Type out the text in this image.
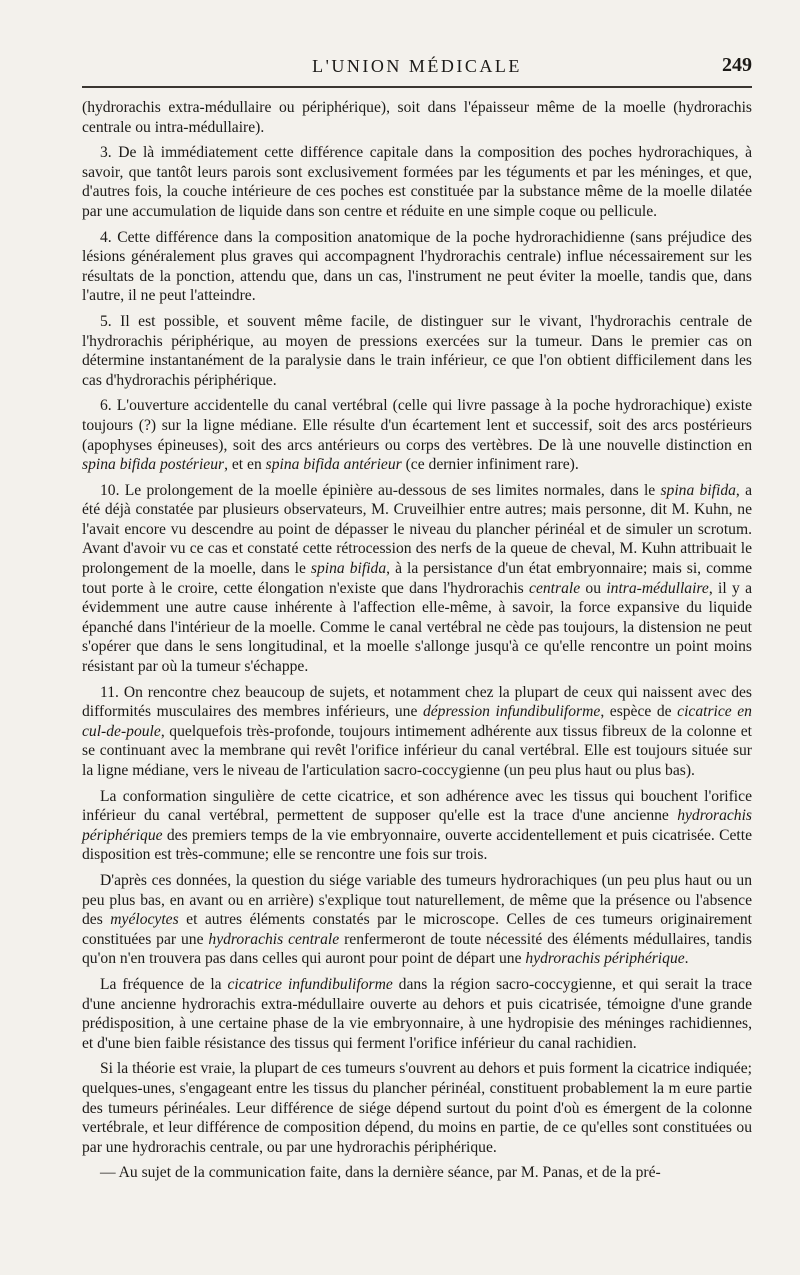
L'UNION MÉDICALE	249

(hydrorachis extra-médullaire ou périphérique), soit dans l'épaisseur même de la moelle (hydrorachis centrale ou intra-médullaire).

3. De là immédiatement cette différence capitale dans la composition des poches hydrorachiques, à savoir, que tantôt leurs parois sont exclusivement formées par les téguments et par les méninges, et que, d'autres fois, la couche intérieure de ces poches est constituée par la substance même de la moelle dilatée par une accumulation de liquide dans son centre et réduite en une simple coque ou pellicule.

4. Cette différence dans la composition anatomique de la poche hydrorachidienne (sans préjudice des lésions généralement plus graves qui accompagnent l'hydrorachis centrale) influe nécessairement sur les résultats de la ponction, attendu que, dans un cas, l'instrument ne peut éviter la moelle, tandis que, dans l'autre, il ne peut l'atteindre.

5. Il est possible, et souvent même facile, de distinguer sur le vivant, l'hydrorachis centrale de l'hydrorachis périphérique, au moyen de pressions exercées sur la tumeur. Dans le premier cas on détermine instantanément de la paralysie dans le train inférieur, ce que l'on obtient difficilement dans les cas d'hydrorachis périphérique.

6. L'ouverture accidentelle du canal vertébral (celle qui livre passage à la poche hydrorachique) existe toujours (?) sur la ligne médiane. Elle résulte d'un écartement lent et successif, soit des arcs postérieurs (apophyses épineuses), soit des arcs antérieurs ou corps des vertèbres. De là une nouvelle distinction en spina bifida postérieur, et en spina bifida antérieur (ce dernier infiniment rare).

10. Le prolongement de la moelle épinière au-dessous de ses limites normales, dans le spina bifida, a été déjà constatée par plusieurs observateurs, M. Cruveilhier entre autres; mais personne, dit M. Kuhn, ne l'avait encore vu descendre au point de dépasser le niveau du plancher périnéal et de simuler un scrotum. Avant d'avoir vu ce cas et constaté cette rétrocession des nerfs de la queue de cheval, M. Kuhn attribuait le prolongement de la moelle, dans le spina bifida, à la persistance d'un état embryonnaire; mais si, comme tout porte à le croire, cette élongation n'existe que dans l'hydrorachis centrale ou intra-médullaire, il y a évidemment une autre cause inhérente à l'affection elle-même, à savoir, la force expansive du liquide épanché dans l'intérieur de la moelle. Comme le canal vertébral ne cède pas toujours, la distension ne peut s'opérer que dans le sens longitudinal, et la moelle s'allonge jusqu'à ce qu'elle rencontre un point moins résistant par où la tumeur s'échappe.

11. On rencontre chez beaucoup de sujets, et notamment chez la plupart de ceux qui naissent avec des difformités musculaires des membres inférieurs, une dépression infundibuliforme, espèce de cicatrice en cul-de-poule, quelquefois très-profonde, toujours intimement adhérente aux tissus fibreux de la colonne et se continuant avec la membrane qui revêt l'orifice inférieur du canal vertébral. Elle est toujours située sur la ligne médiane, vers le niveau de l'articulation sacro-coccygienne (un peu plus haut ou plus bas).

La conformation singulière de cette cicatrice, et son adhérence avec les tissus qui bouchent l'orifice inférieur du canal vertébral, permettent de supposer qu'elle est la trace d'une ancienne hydrorachis périphérique des premiers temps de la vie embryonnaire, ouverte accidentellement et puis cicatrisée. Cette disposition est très-commune; elle se rencontre une fois sur trois.

D'après ces données, la question du siége variable des tumeurs hydrorachiques (un peu plus haut ou un peu plus bas, en avant ou en arrière) s'explique tout naturellement, de même que la présence ou l'absence des myélocytes et autres éléments constatés par le microscope. Celles de ces tumeurs originairement constituées par une hydrorachis centrale renfermeront de toute nécessité des éléments médullaires, tandis qu'on n'en trouvera pas dans celles qui auront pour point de départ une hydrorachis périphérique.

La fréquence de la cicatrice infundibuliforme dans la région sacro-coccygienne, et qui serait la trace d'une ancienne hydrorachis extra-médullaire ouverte au dehors et puis cicatrisée, témoigne d'une grande prédisposition, à une certaine phase de la vie embryonnaire, à une hydropisie des méninges rachidiennes, et d'une bien faible résistance des tissus qui ferment l'orifice inférieur du canal rachidien.

Si la théorie est vraie, la plupart de ces tumeurs s'ouvrent au dehors et puis forment la cicatrice indiquée; quelques-unes, s'engageant entre les tissus du plancher périnéal, constituent probablement la m eure partie des tumeurs périnéales. Leur différence de siége dépend surtout du point d'où es émergent de la colonne vertébrale, et leur différence de composition dépend, du moins en partie, de ce qu'elles sont constituées ou par une hydrorachis centrale, ou par une hydrorachis périphérique.

— Au sujet de la communication faite, dans la dernière séance, par M. Panas, et de la pré-
